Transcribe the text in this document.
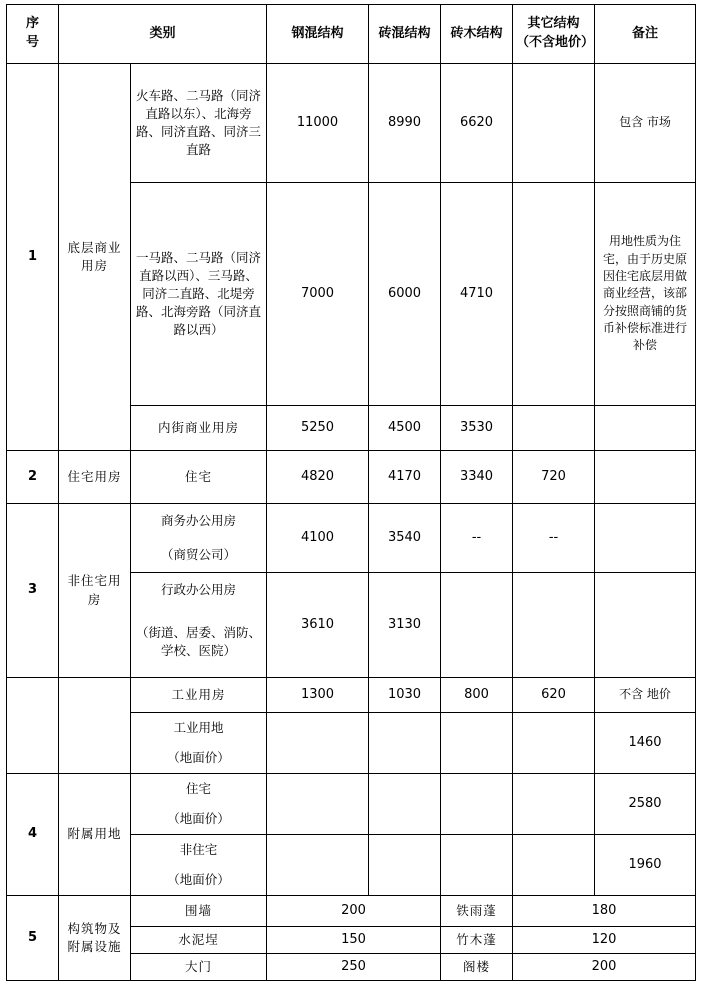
序
号	类别		钢混结构	砖混结构	砖木结构	其它结构（不含地价）	备注
1	底层商业用房	火车路、二马路（同济直路以东）、北海旁路、同济直路、同济三直路	11000	8990	6620		包含 市场
		一马路、二马路（同济直路以西）、三马路、同济二直路、北堤旁路、北海旁路（同济直路以西）	7000	6000	4710		用地性质为住宅，由于历史原因住宅底层用做商业经营，该部分按照商铺的货币补偿标准进行补偿
		内街商业用房	5250	4500	3530		
2	住宅用房	住宅	4820	4170	3340	720	
3	非住宅用房	商务办公用房	4100	3540	--	--	
		（商贸公司）					
		行政办公用房	3610	3130			
		（街道、居委、消防、学校、医院）					
		工业用房	1300	1030	800	620	不含 地价
		工业用地					1460
		（地面价）					
4	附属用地	住宅					2580
		（地面价）					
		非住宅					1960
		（地面价）					
5	构筑物及附属设施	围墙	200		铁雨蓬	180	
		水泥埕	150		竹木蓬	120	
		大门	250		阁楼	200	
